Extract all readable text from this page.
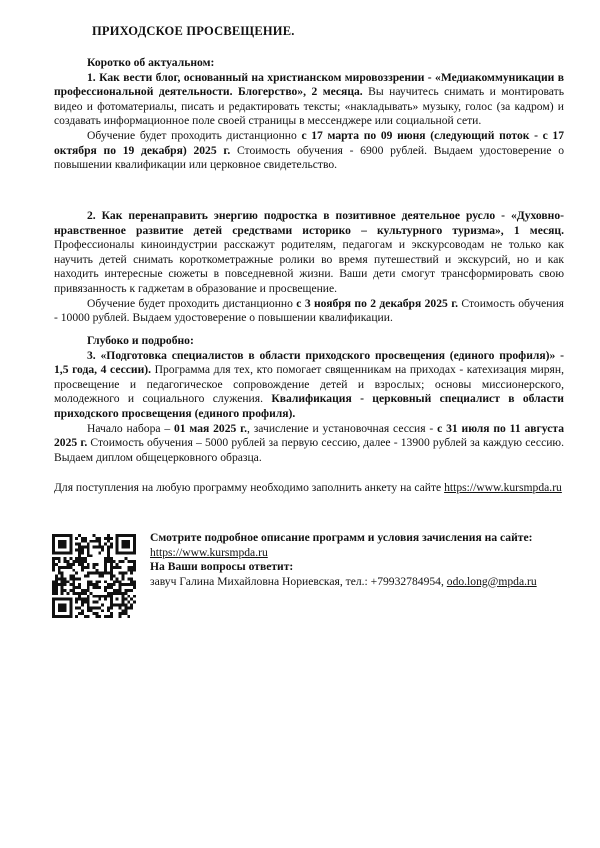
ПРИХОДСКОЕ ПРОСВЕЩЕНИЕ.

Коротко об актуальном:

1. Как вести блог, основанный на христианском мировоззрении - «Медиакоммуникации в профессиональной деятельности. Блогерство», 2 месяца. Вы научитесь снимать и монтировать видео и фотоматериалы, писать и редактировать тексты; «накладывать» музыку, голос (за кадром) и создавать информационное поле своей страницы в мессенджере или социальной сети.

Обучение будет проходить дистанционно с 17 марта по 09 июня (следующий поток - с 17 октября по 19 декабря) 2025 г. Стоимость обучения - 6900 рублей. Выдаем удостоверение о повышении квалификации или церковное свидетельство.

2. Как перенаправить энергию подростка в позитивное деятельное русло - «Духовно-нравственное развитие детей средствами историко – культурного туризма», 1 месяц. Профессионалы киноиндустрии расскажут родителям, педагогам и экскурсоводам не только как научить детей снимать короткометражные ролики во время путешествий и экскурсий, но и как находить интересные сюжеты в повседневной жизни. Ваши дети смогут трансформировать свою привязанность к гаджетам в образование и просвещение.

Обучение будет проходить дистанционно с 3 ноября по 2 декабря 2025 г. Стоимость обучения - 10000 рублей. Выдаем удостоверение о повышении квалификации.

Глубоко и подробно:

3. «Подготовка специалистов в области приходского просвещения (единого профиля)» - 1,5 года, 4 сессии). Программа для тех, кто помогает священникам на приходах - катехизация мирян, просвещение и педагогическое сопровождение детей и взрослых; основы миссионерского, молодежного и социального служения. Квалификация - церковный специалист в области приходского просвещения (единого профиля).

Начало набора – 01 мая 2025 г., зачисление и установочная сессия - с 31 июля по 11 августа 2025 г. Стоимость обучения – 5000 рублей за первую сессию, далее - 13900 рублей за каждую сессию. Выдаем диплом общецерковного образца.

Для поступления на любую программу необходимо заполнить анкету на сайте https://www.kursmpda.ru

Смотрите подробное описание программ и условия зачисления на сайте:

https://www.kursmpda.ru

На Ваши вопросы ответит:

завуч Галина Михайловна Нориевская, тел.: +79932784954, odo.long@mpda.ru
